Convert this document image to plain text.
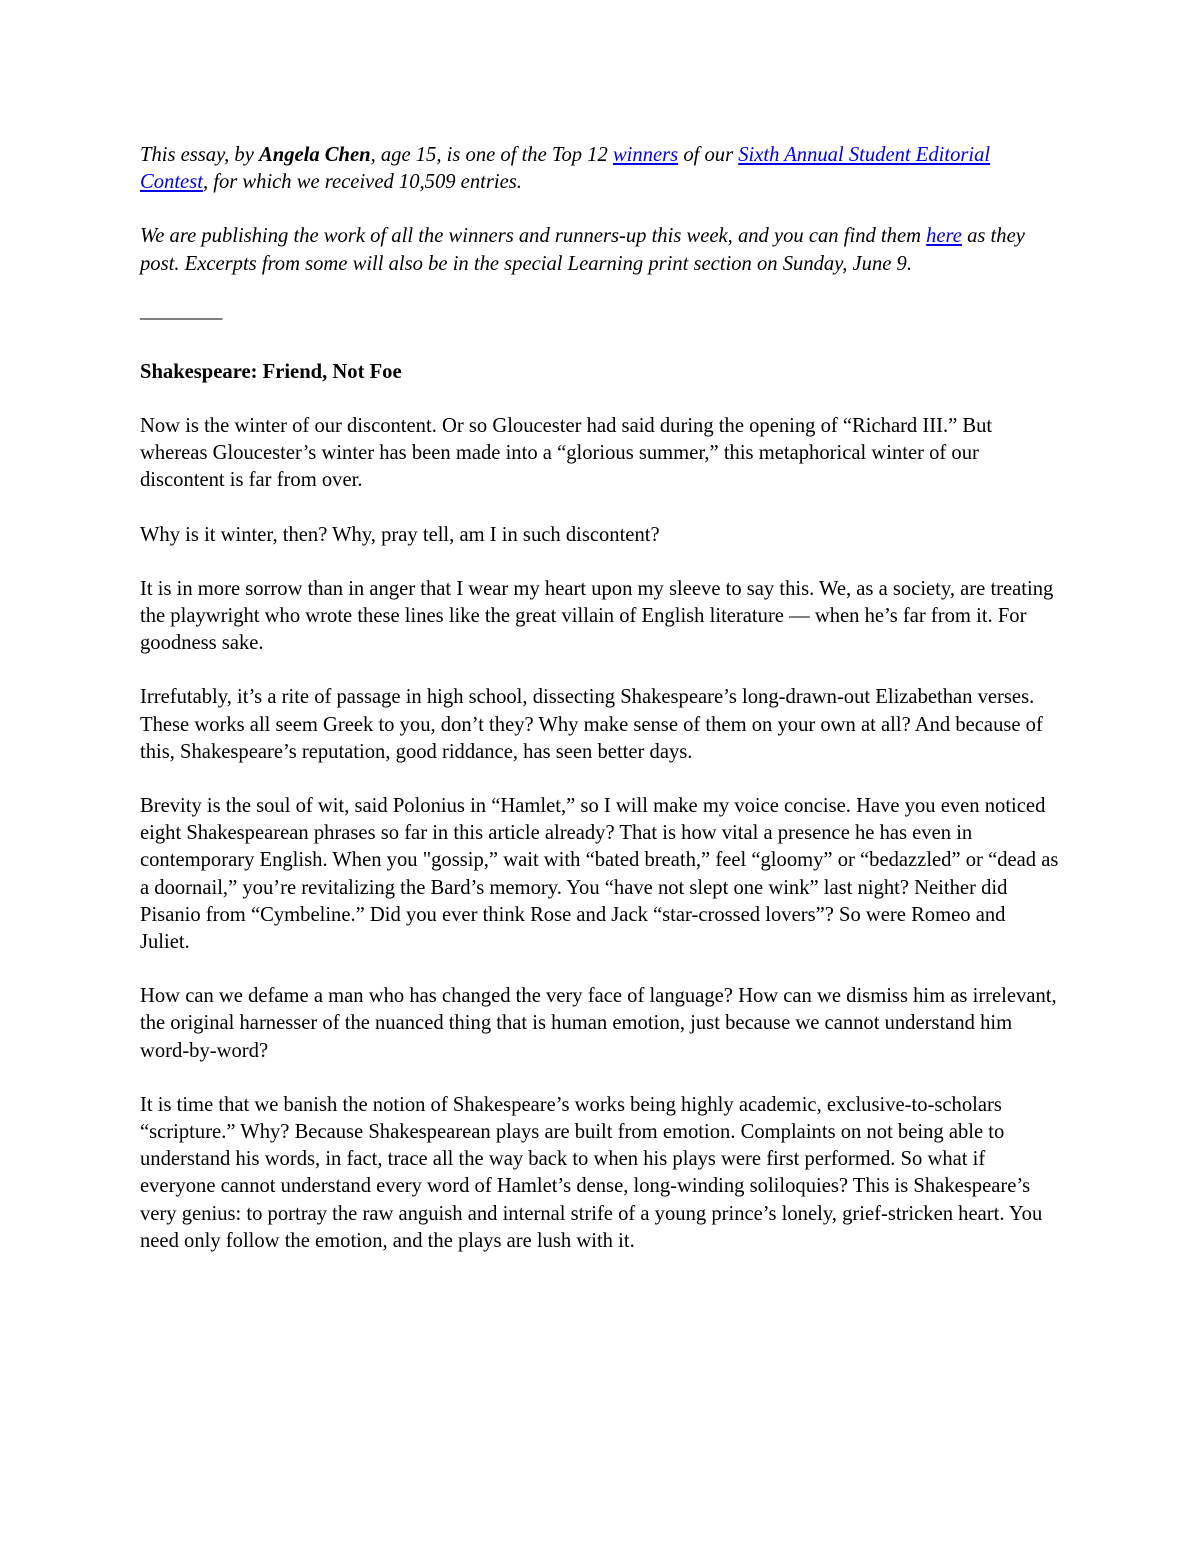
This essay, by Angela Chen, age 15, is one of the Top 12 winners of our Sixth Annual Student Editorial Contest, for which we received 10,509 entries.

We are publishing the work of all the winners and runners-up this week, and you can find them here as they post. Excerpts from some will also be in the special Learning print section on Sunday, June 9.

————
Shakespeare: Friend, Not Foe

Now is the winter of our discontent. Or so Gloucester had said during the opening of “Richard III.” But whereas Gloucester’s winter has been made into a “glorious summer,” this metaphorical winter of our discontent is far from over.

Why is it winter, then? Why, pray tell, am I in such discontent?

It is in more sorrow than in anger that I wear my heart upon my sleeve to say this. We, as a society, are treating the playwright who wrote these lines like the great villain of English literature — when he’s far from it. For goodness sake.

Irrefutably, it’s a rite of passage in high school, dissecting Shakespeare’s long-drawn-out Elizabethan verses. These works all seem Greek to you, don’t they? Why make sense of them on your own at all? And because of this, Shakespeare’s reputation, good riddance, has seen better days.

Brevity is the soul of wit, said Polonius in “Hamlet,” so I will make my voice concise. Have you even noticed eight Shakespearean phrases so far in this article already? That is how vital a presence he has even in contemporary English. When you "gossip,” wait with “bated breath,” feel “gloomy” or “bedazzled” or “dead as a doornail,” you’re revitalizing the Bard’s memory. You “have not slept one wink” last night? Neither did Pisanio from “Cymbeline.” Did you ever think Rose and Jack “star-crossed lovers”? So were Romeo and Juliet.

How can we defame a man who has changed the very face of language? How can we dismiss him as irrelevant, the original harnesser of the nuanced thing that is human emotion, just because we cannot understand him word-by-word?

It is time that we banish the notion of Shakespeare’s works being highly academic, exclusive-to-scholars “scripture.” Why? Because Shakespearean plays are built from emotion. Complaints on not being able to understand his words, in fact, trace all the way back to when his plays were first performed. So what if everyone cannot understand every word of Hamlet’s dense, long-winding soliloquies? This is Shakespeare’s very genius: to portray the raw anguish and internal strife of a young prince’s lonely, grief-stricken heart. You need only follow the emotion, and the plays are lush with it.
